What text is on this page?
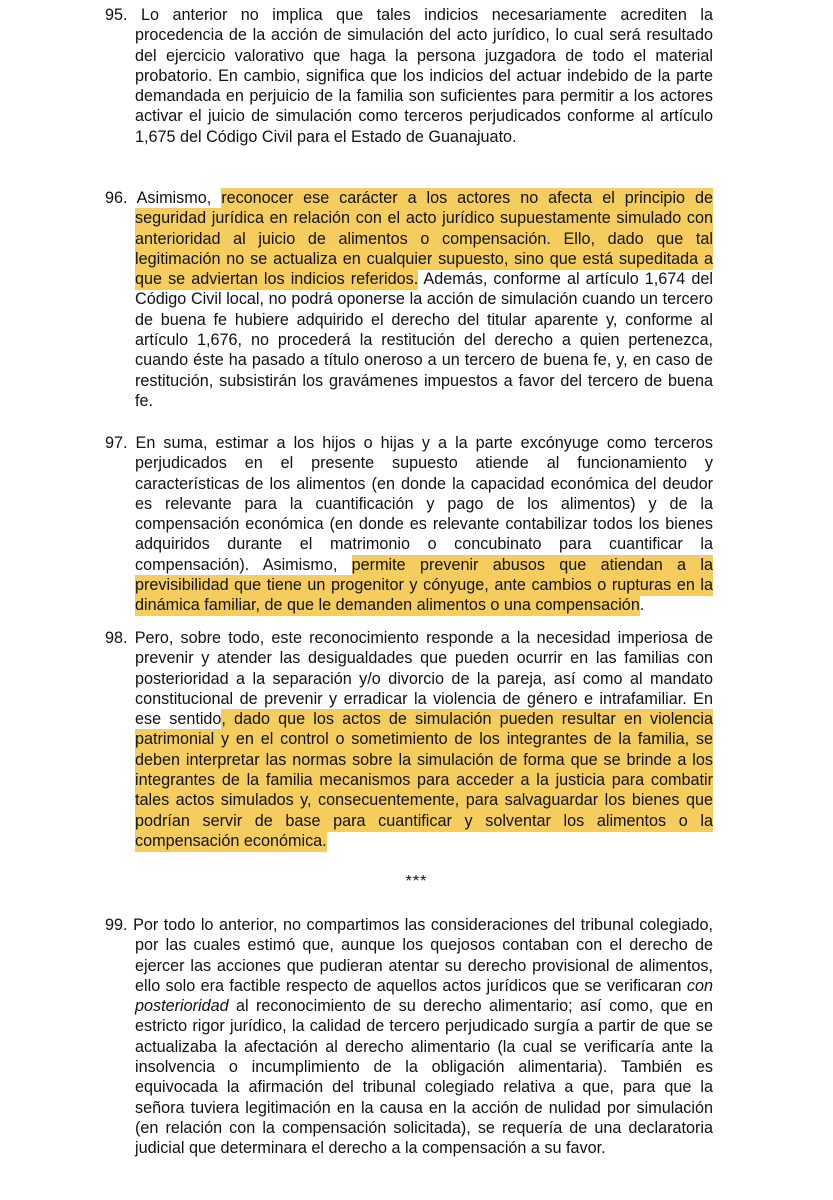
95. Lo anterior no implica que tales indicios necesariamente acrediten la procedencia de la acción de simulación del acto jurídico, lo cual será resultado del ejercicio valorativo que haga la persona juzgadora de todo el material probatorio. En cambio, significa que los indicios del actuar indebido de la parte demandada en perjuicio de la familia son suficientes para permitir a los actores activar el juicio de simulación como terceros perjudicados conforme al artículo 1,675 del Código Civil para el Estado de Guanajuato.

96. Asimismo, reconocer ese carácter a los actores no afecta el principio de seguridad jurídica en relación con el acto jurídico supuestamente simulado con anterioridad al juicio de alimentos o compensación. Ello, dado que tal legitimación no se actualiza en cualquier supuesto, sino que está supeditada a que se adviertan los indicios referidos. Además, conforme al artículo 1,674 del Código Civil local, no podrá oponerse la acción de simulación cuando un tercero de buena fe hubiere adquirido el derecho del titular aparente y, conforme al artículo 1,676, no procederá la restitución del derecho a quien pertenezca, cuando éste ha pasado a título oneroso a un tercero de buena fe, y, en caso de restitución, subsistirán los gravámenes impuestos a favor del tercero de buena fe.

97. En suma, estimar a los hijos o hijas y a la parte excónyuge como terceros perjudicados en el presente supuesto atiende al funcionamiento y características de los alimentos (en donde la capacidad económica del deudor es relevante para la cuantificación y pago de los alimentos) y de la compensación económica (en donde es relevante contabilizar todos los bienes adquiridos durante el matrimonio o concubinato para cuantificar la compensación). Asimismo, permite prevenir abusos que atiendan a la previsibilidad que tiene un progenitor y cónyuge, ante cambios o rupturas en la dinámica familiar, de que le demanden alimentos o una compensación.

98. Pero, sobre todo, este reconocimiento responde a la necesidad imperiosa de prevenir y atender las desigualdades que pueden ocurrir en las familias con posterioridad a la separación y/o divorcio de la pareja, así como al mandato constitucional de prevenir y erradicar la violencia de género e intrafamiliar. En ese sentido, dado que los actos de simulación pueden resultar en violencia patrimonial y en el control o sometimiento de los integrantes de la familia, se deben interpretar las normas sobre la simulación de forma que se brinde a los integrantes de la familia mecanismos para acceder a la justicia para combatir tales actos simulados y, consecuentemente, para salvaguardar los bienes que podrían servir de base para cuantificar y solventar los alimentos o la compensación económica.

***

99. Por todo lo anterior, no compartimos las consideraciones del tribunal colegiado, por las cuales estimó que, aunque los quejosos contaban con el derecho de ejercer las acciones que pudieran atentar su derecho provisional de alimentos, ello solo era factible respecto de aquellos actos jurídicos que se verificaran con posterioridad al reconocimiento de su derecho alimentario; así como, que en estricto rigor jurídico, la calidad de tercero perjudicado surgía a partir de que se actualizaba la afectación al derecho alimentario (la cual se verificaría ante la insolvencia o incumplimiento de la obligación alimentaria). También es equivocada la afirmación del tribunal colegiado relativa a que, para que la señora tuviera legitimación en la causa en la acción de nulidad por simulación (en relación con la compensación solicitada), se requería de una declaratoria judicial que determinara el derecho a la compensación a su favor.
